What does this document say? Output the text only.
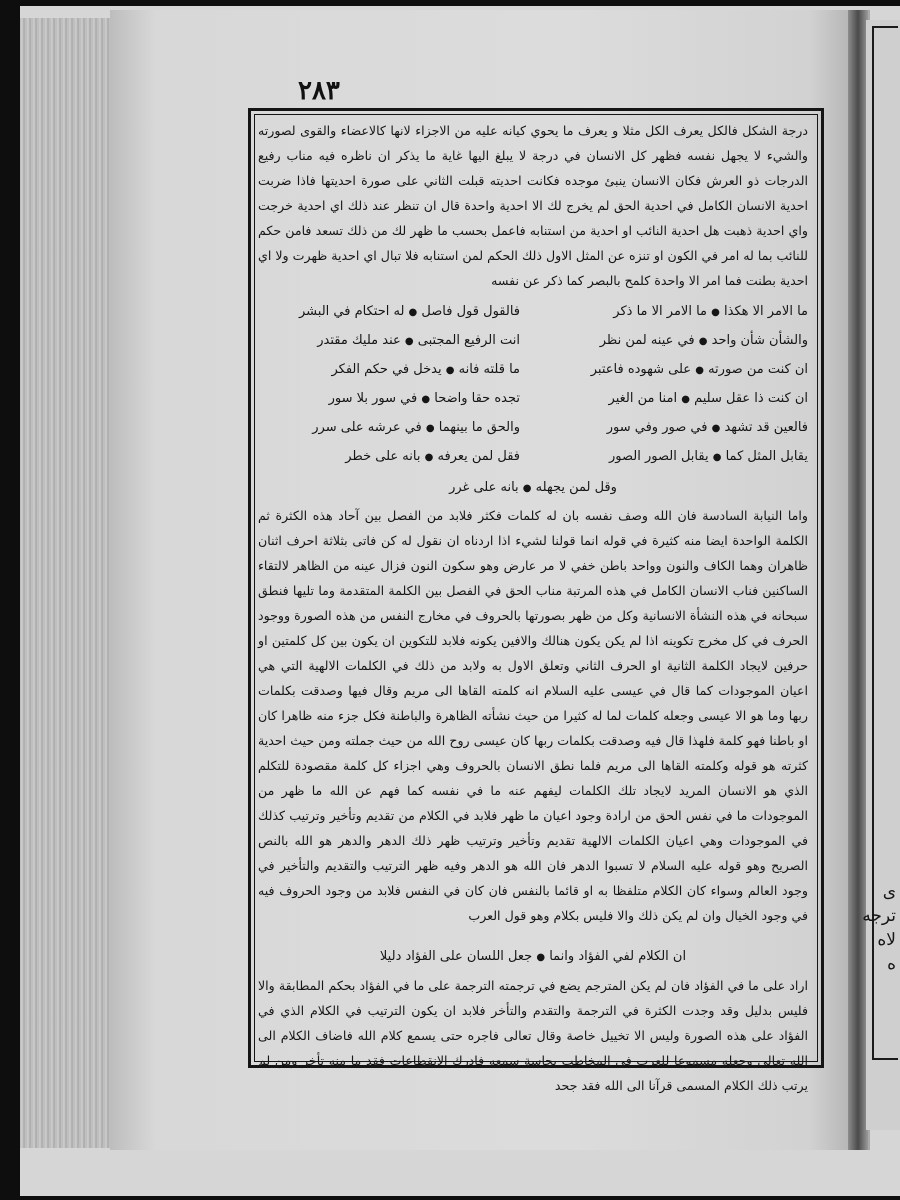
ى ترجه لاه ه
٢٨٣

درجة الشكل فالكل يعرف الكل مثلا و يعرف ما يحوي كيانه عليه من الاجزاء لانها كالاعضاء والقوى لصورته والشيء لا يجهل نفسه فظهر كل الانسان في درجة لا يبلغ اليها غاية ما يذكر ان ناظره فيه مناب رفيع الدرجات ذو العرش فكان الانسان ينبئ موجده فكانت احديته قبلت الثاني على صورة احديتها فاذا ضربت احدية الانسان الكامل في احدية الحق لم يخرج لك الا احدية واحدة قال ان تنظر عند ذلك اي احدية خرجت واي احدية ذهبت هل احدية النائب او احدية من استنابه فاعمل بحسب ما ظهر لك من ذلك تسعد فامن حكم للنائب بما له امر في الكون او تنزه عن المثل الاول ذلك الحكم لمن استنابه فلا تبال اي احدية ظهرت ولا اي احدية بطنت فما امر الا واحدة كلمح بالبصر كما ذكر عن نفسه

ما الامر الا هكذا ● ما الامر الا ما ذكر
فالقول قول فاصل ● له احتكام في البشر
والشأن شأن واحد ● في عينه لمن نظر
انت الرفيع المجتبى ● عند مليك مقتدر
ان كنت من صورته ● على شهوده فاعتبر
ما قلته فانه ● يدخل في حكم الفكر
ان كنت ذا عقل سليم ● امنا من الغير
تجده حقا واضحا ● في سور بلا سور
فالعين قد تشهد ● في صور وفي سور
والحق ما بينهما ● في عرشه على سرر
يقابل المثل كما ● يقابل الصور الصور
فقل لمن يعرفه ● بانه على خطر
وقل لمن يجهله ● بانه على غرر

واما النيابة السادسة فان الله وصف نفسه بان له كلمات فكثر فلابد من الفصل بين آحاد هذه الكثرة ثم الكلمة الواحدة ايضا منه كثيرة في قوله انما قولنا لشيء اذا اردناه ان نقول له كن فاتى بثلاثة احرف اثنان ظاهران وهما الكاف والنون وواحد باطن خفي لا مر عارض وهو سكون النون فزال عينه من الظاهر لالتقاء الساكنين فناب الانسان الكامل في هذه المرتبة مناب الحق في الفصل بين الكلمة المتقدمة وما تليها فنطق سبحانه في هذه النشأة الانسانية وكل من ظهر بصورتها بالحروف في مخارج النفس من هذه الصورة ووجود الحرف في كل مخرج تكوينه اذا لم يكن يكون هنالك والافين يكونه فلابد للتكوين ان يكون بين كل كلمتين او حرفين لايجاد الكلمة الثانية او الحرف الثاني وتعلق الاول به ولابد من ذلك في الكلمات الالهية التي هي اعيان الموجودات كما قال في عيسى عليه السلام انه كلمته القاها الى مريم وقال فيها وصدقت بكلمات ربها وما هو الا عيسى وجعله كلمات لما له كثيرا من حيث نشأته الظاهرة والباطنة فكل جزء منه ظاهرا كان او باطنا فهو كلمة فلهذا قال فيه وصدقت بكلمات ربها كان عيسى روح الله من حيث جملته ومن حيث احدية كثرته هو قوله وكلمته القاها الى مريم فلما نطق الانسان بالحروف وهي اجزاء كل كلمة مقصودة للتكلم الذي هو الانسان المريد لايجاد تلك الكلمات ليفهم عنه ما في نفسه كما فهم عن الله ما ظهر من الموجودات ما في نفس الحق من ارادة وجود اعيان ما ظهر فلابد في الكلام من تقديم وتأخير وترتيب كذلك في الموجودات وهي اعيان الكلمات الالهية تقديم وتأخير وترتيب ظهر ذلك الدهر والدهر هو الله بالنص الصريح وهو قوله عليه السلام لا تسبوا الدهر فان الله هو الدهر وفيه ظهر الترتيب والتقديم والتأخير في وجود العالم وسواء كان الكلام متلفظا به او قائما بالنفس فان كان في النفس فلابد من وجود الحروف فيه في وجود الخيال وان لم يكن ذلك والا فليس بكلام وهو قول العرب

ان الكلام لفي الفؤاد وانما ● جعل اللسان على الفؤاد دليلا

اراد على ما في الفؤاد فان لم يكن المترجم يضع في ترجمته الترجمة على ما في الفؤاد بحكم المطابقة والا فليس بدليل وقد وجدت الكثرة في الترجمة والتقدم والتأخر فلابد ان يكون الترتيب في الكلام الذي في الفؤاد على هذه الصورة وليس الا تخييل خاصة وقال تعالى فاجره حتى يسمع كلام الله فاضاف الكلام الى الله تعالى وجعله مسموعا للعرب في المخاطب بحاسة سمعه فادرك الانقطاعات فقد ما منه تأخر ومن لم يرتب ذلك الكلام المسمى قرآنا الى الله فقد جحد
